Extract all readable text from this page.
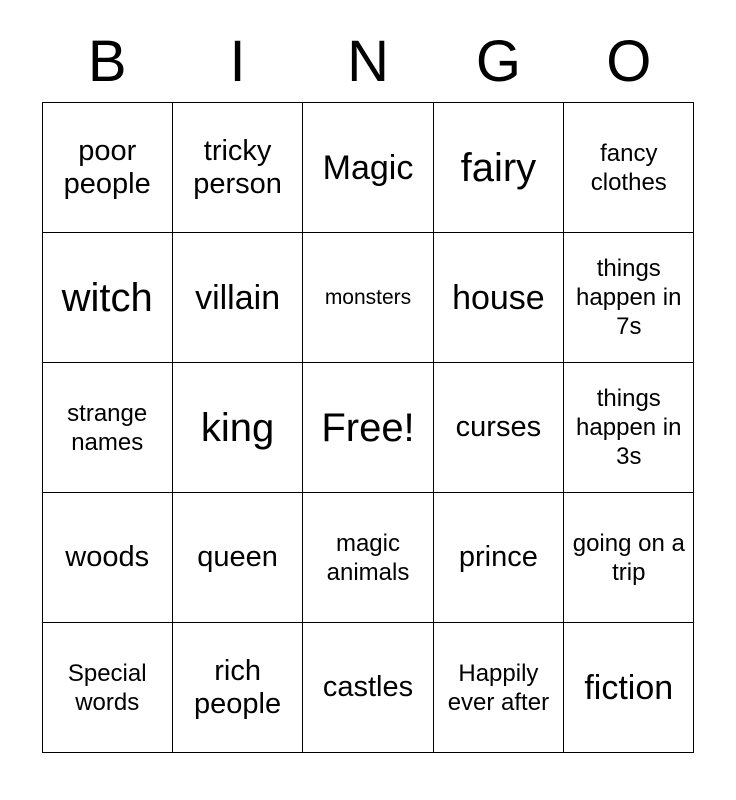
B	I	N	G	O
poor people	tricky person	Magic	fairy	fancy clothes
witch	villain	monsters	house	things happen in 7s
strange names	king	Free!	curses	things happen in 3s
woods	queen	magic animals	prince	going on a trip
Special words	rich people	castles	Happily ever after	fiction
